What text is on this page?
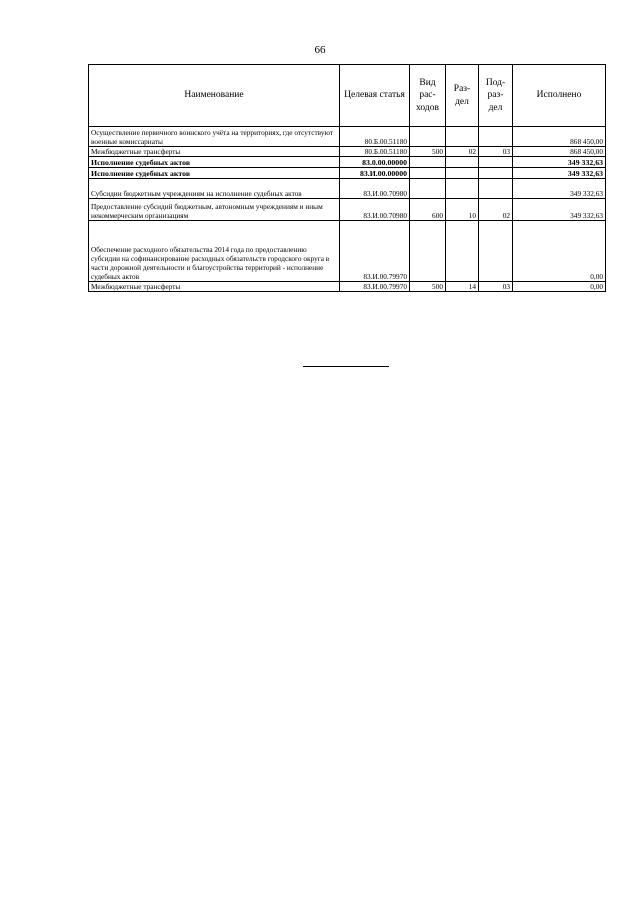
66
Наименование	Целевая статья	Вид рас- ходов	Раз- дел	Под- раз- дел	Исполнено
Осуществление первичного воинского учёта на территориях, где отсутствуют военные комиссариаты	80.Б.00.51180				868 450,00
Межбюджетные трансферты	80.Б.00.51180	500	02	03	868 450,00
Исполнение судебных актов	83.0.00.00000				349 332,63
Исполнение судебных актов	83.И.00.00000				349 332,63
Субсидии бюджетным учреждениям на исполнение судебных актов	83.И.00.70980				349 332,63
Предоставление субсидий бюджетным, автономным учреждениям и иным некоммерческим организациям	83.И.00.70980	600	10	02	349 332,63
Обеспечение расходного обязательства 2014 года по предоставлению субсидии на софинансирование расходных обязательств городского округа в части дорожной деятельности и благоустройства территорий - исполнение судебных актов	83.И.00.79970				0,00
Межбюджетные трансферты	83.И.00.79970	500	14	03	0,00
